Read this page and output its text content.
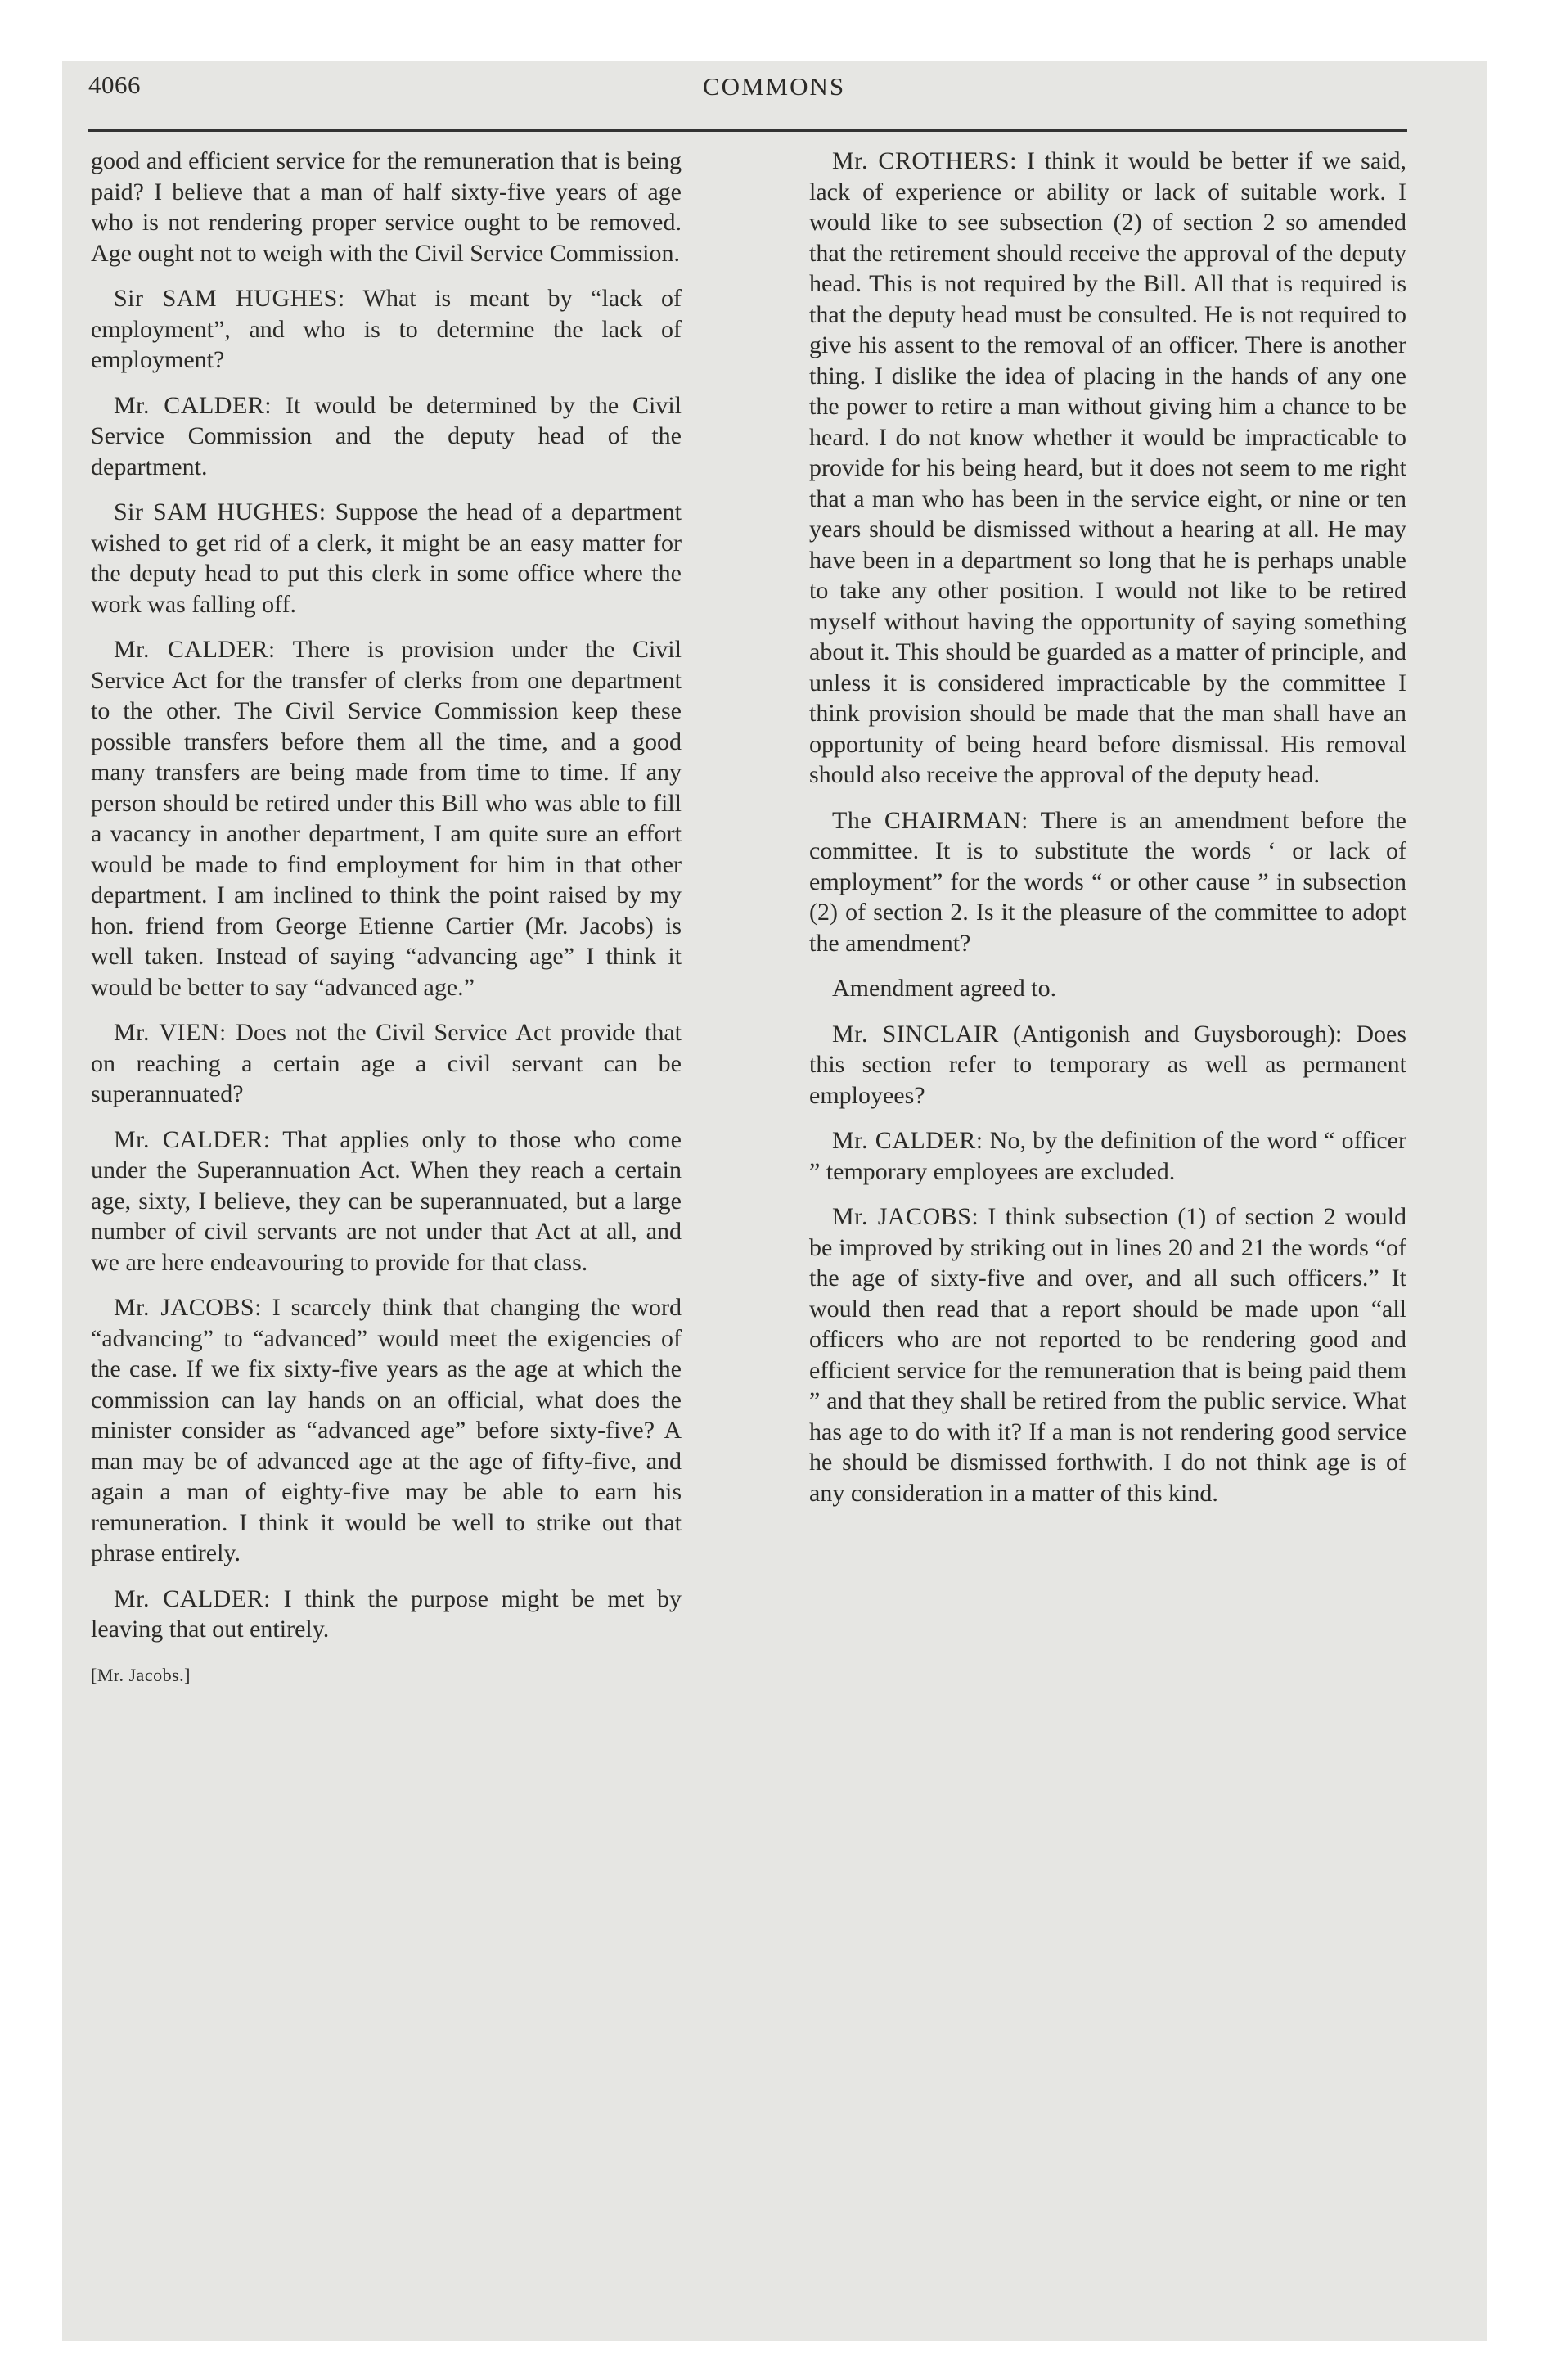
4066	COMMONS

good and efficient service for the remuneration that is being paid? I believe that a man of half sixty-five years of age who is not rendering proper service ought to be removed. Age ought not to weigh with the Civil Service Commission.

Sir SAM HUGHES: What is meant by “lack of employment”, and who is to determine the lack of employment?

Mr. CALDER: It would be determined by the Civil Service Commission and the deputy head of the department.

Sir SAM HUGHES: Suppose the head of a department wished to get rid of a clerk, it might be an easy matter for the deputy head to put this clerk in some office where the work was falling off.

Mr. CALDER: There is provision under the Civil Service Act for the transfer of clerks from one department to the other. The Civil Service Commission keep these possible transfers before them all the time, and a good many transfers are being made from time to time. If any person should be retired under this Bill who was able to fill a vacancy in another department, I am quite sure an effort would be made to find employment for him in that other department. I am inclined to think the point raised by my hon. friend from George Etienne Cartier (Mr. Jacobs) is well taken. Instead of saying “advancing age” I think it would be better to say “advanced age.”

Mr. VIEN: Does not the Civil Service Act provide that on reaching a certain age a civil servant can be superannuated?

Mr. CALDER: That applies only to those who come under the Superannuation Act. When they reach a certain age, sixty, I believe, they can be superannuated, but a large number of civil servants are not under that Act at all, and we are here endeavouring to provide for that class.

Mr. JACOBS: I scarcely think that changing the word “advancing” to “advanced” would meet the exigencies of the case. If we fix sixty-five years as the age at which the commission can lay hands on an official, what does the minister consider as “advanced age” before sixty-five? A man may be of advanced age at the age of fifty-five, and again a man of eighty-five may be able to earn his remuneration. I think it would be well to strike out that phrase entirely.

Mr. CALDER: I think the purpose might be met by leaving that out entirely.

[Mr. Jacobs.]

Mr. CROTHERS: I think it would be better if we said, lack of experience or ability or lack of suitable work. I would like to see subsection (2) of section 2 so amended that the retirement should receive the approval of the deputy head. This is not required by the Bill. All that is required is that the deputy head must be consulted. He is not required to give his assent to the removal of an officer. There is another thing. I dislike the idea of placing in the hands of any one the power to retire a man without giving him a chance to be heard. I do not know whether it would be impracticable to provide for his being heard, but it does not seem to me right that a man who has been in the service eight, or nine or ten years should be dismissed without a hearing at all. He may have been in a department so long that he is perhaps unable to take any other position. I would not like to be retired myself without having the opportunity of saying something about it. This should be guarded as a matter of principle, and unless it is considered impracticable by the committee I think provision should be made that the man shall have an opportunity of being heard before dismissal. His removal should also receive the approval of the deputy head.

The CHAIRMAN: There is an amendment before the committee. It is to substitute the words ‘ or lack of employment” for the words “ or other cause ” in subsection (2) of section 2. Is it the pleasure of the committee to adopt the amendment?

Amendment agreed to.

Mr. SINCLAIR (Antigonish and Guysborough): Does this section refer to temporary as well as permanent employees?

Mr. CALDER: No, by the definition of the word “ officer ” temporary employees are excluded.

Mr. JACOBS: I think subsection (1) of section 2 would be improved by striking out in lines 20 and 21 the words “of the age of sixty-five and over, and all such officers.” It would then read that a report should be made upon “all officers who are not reported to be rendering good and efficient service for the remuneration that is being paid them ” and that they shall be retired from the public service. What has age to do with it? If a man is not rendering good service he should be dismissed forthwith. I do not think age is of any consideration in a matter of this kind.
